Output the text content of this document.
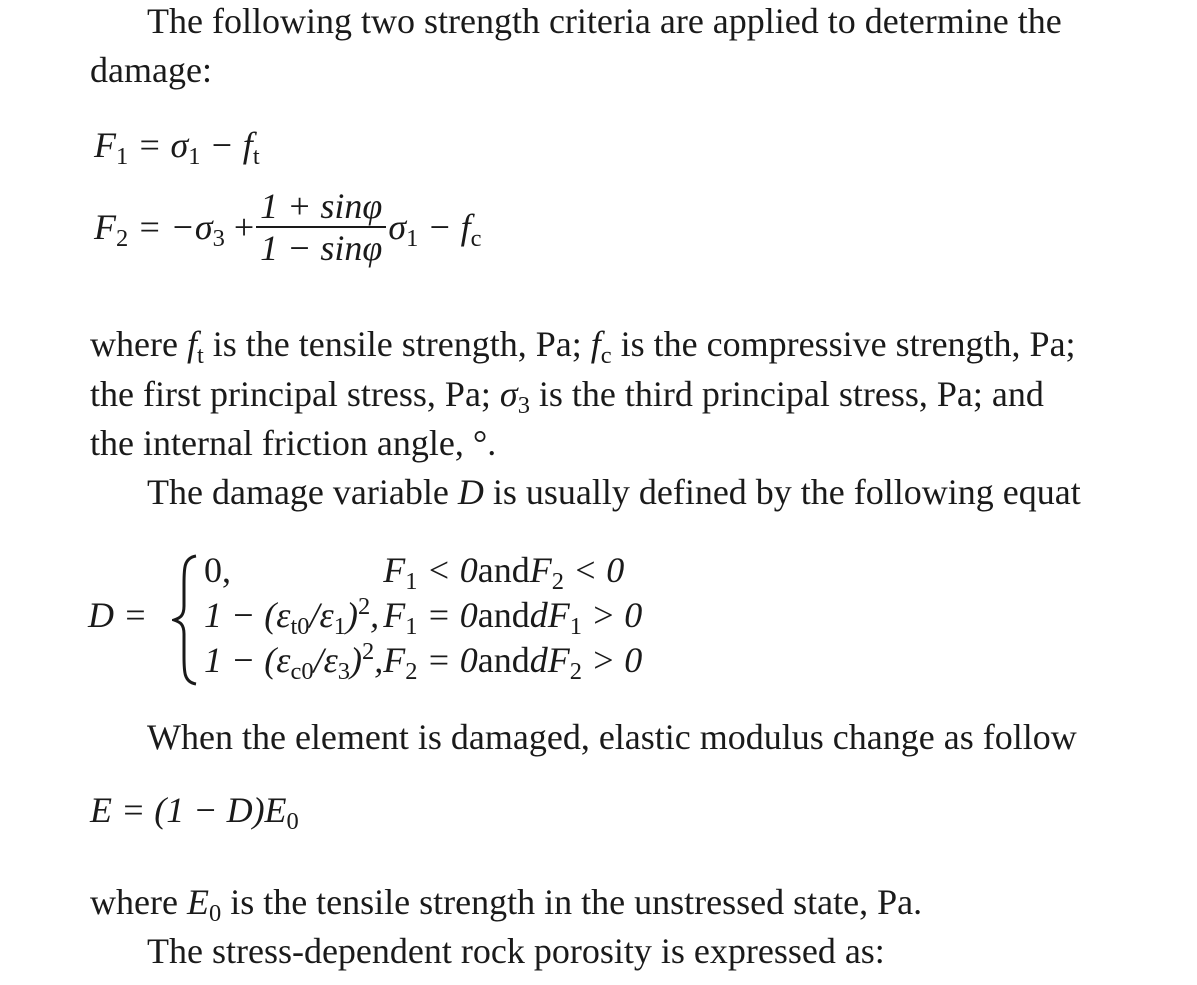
The following two strength criteria are applied to determine the
damage:
$F_1 = \sigma_1 - f_t$
$F_2 = -\sigma_3 + \frac{1 + \sin\varphi}{1 - \sin\varphi} \sigma_1 - f_c$
where $f_t$ is the tensile strength, Pa; $f_c$ is the compressive strength, Pa;
the first principal stress, Pa; $\sigma_3$ is the third principal stress, Pa; and
the internal friction angle, °.
The damage variable D is usually defined by the following equat
D =
0,	$F_1 < 0$	and	$F_2 < 0$
$1 - (\varepsilon_{t0}/\varepsilon_1)^2$,	$F_1 = 0$	and	$dF_1 > 0$
$1 - (\varepsilon_{c0}/\varepsilon_3)^2$,	$F_2 = 0$	and	$dF_2 > 0$
When the element is damaged, elastic modulus change as follow
$E = (1 - D)E_0$
where $E_0$ is the tensile strength in the unstressed state, Pa.
The stress-dependent rock porosity is expressed as:
